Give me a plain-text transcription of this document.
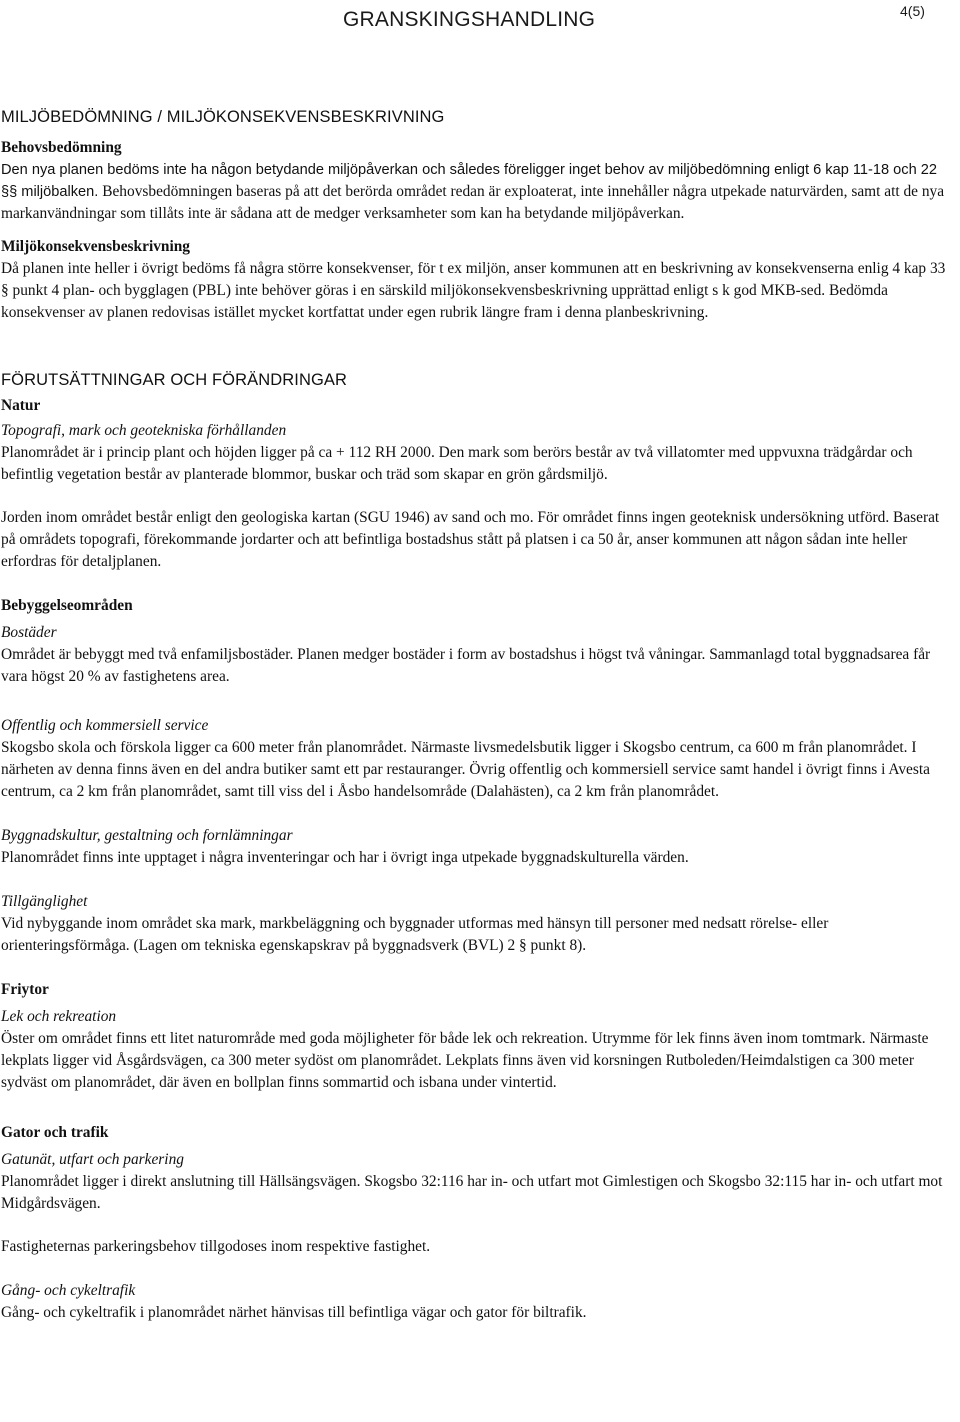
GRANSKINGSHANDLING	4(5)
MILJÖBEDÖMNING / MILJÖKONSEKVENSBESKRIVNING
Behovsbedömning

Den nya planen bedöms inte ha någon betydande miljöpåverkan och således föreligger inget behov av miljöbedömning enligt 6 kap 11-18 och 22 §§ miljöbalken. Behovsbedömningen baseras på att det berörda området redan är exploaterat, inte innehåller några utpekade naturvärden, samt att de nya markanvändningar som tillåts inte är sådana att de medger verksamheter som kan ha betydande miljöpåverkan.

Miljökonsekvensbeskrivning

Då planen inte heller i övrigt bedöms få några större konsekvenser, för t ex miljön, anser kommunen att en beskrivning av konsekvenserna enlig 4 kap 33 § punkt 4 plan- och bygglagen (PBL) inte behöver göras i en särskild miljökonsekvensbeskrivning upprättad enligt s k god MKB-sed. Bedömda konsekvenser av planen redovisas istället mycket kortfattat under egen rubrik längre fram i denna planbeskrivning.

FÖRUTSÄTTNINGAR OCH FÖRÄNDRINGAR
Natur
Topografi, mark och geotekniska förhållanden

Planområdet är i princip plant och höjden ligger på ca + 112 RH 2000. Den mark som berörs består av två villatomter med uppvuxna trädgårdar och befintlig vegetation består av planterade blommor, buskar och träd som skapar en grön gårdsmiljö.

Jorden inom området består enligt den geologiska kartan (SGU 1946) av sand och mo. För området finns ingen geoteknisk undersökning utförd. Baserat på områdets topografi, förekommande jordarter och att befintliga bostadshus stått på platsen i ca 50 år, anser kommunen att någon sådan inte heller erfordras för detaljplanen.

Bebyggelseområden
Bostäder

Området är bebyggt med två enfamiljsbostäder. Planen medger bostäder i form av bostadshus i högst två våningar. Sammanlagd total byggnadsarea får vara högst 20 % av fastighetens area.

Offentlig och kommersiell service

Skogsbo skola och förskola ligger ca 600 meter från planområdet. Närmaste livsmedelsbutik ligger i Skogsbo centrum, ca 600 m från planområdet. I närheten av denna finns även en del andra butiker samt ett par restauranger. Övrig offentlig och kommersiell service samt handel i övrigt finns i Avesta centrum, ca 2 km från planområdet, samt till viss del i Åsbo handelsområde (Dalahästen), ca 2 km från planområdet.

Byggnadskultur, gestaltning och fornlämningar

Planområdet finns inte upptaget i några inventeringar och har i övrigt inga utpekade byggnadskulturella värden.

Tillgänglighet

Vid nybyggande inom området ska mark, markbeläggning och byggnader utformas med hänsyn till personer med nedsatt rörelse- eller orienteringsförmåga. (Lagen om tekniska egenskapskrav på byggnadsverk (BVL) 2 § punkt 8).

Friytor
Lek och rekreation

Öster om området finns ett litet naturområde med goda möjligheter för både lek och rekreation. Utrymme för lek finns även inom tomtmark. Närmaste lekplats ligger vid Åsgårdsvägen, ca 300 meter sydöst om planområdet. Lekplats finns även vid korsningen Rutboleden/Heimdalstigen ca 300 meter sydväst om planområdet, där även en bollplan finns sommartid och isbana under vintertid.

Gator och trafik
Gatunät, utfart och parkering

Planområdet ligger i direkt anslutning till Hällsängsvägen. Skogsbo 32:116 har in- och utfart mot Gimlestigen och Skogsbo 32:115 har in- och utfart mot Midgårdsvägen.

Fastigheternas parkeringsbehov tillgodoses inom respektive fastighet.

Gång- och cykeltrafik

Gång- och cykeltrafik i planområdet närhet hänvisas till befintliga vägar och gator för biltrafik.
